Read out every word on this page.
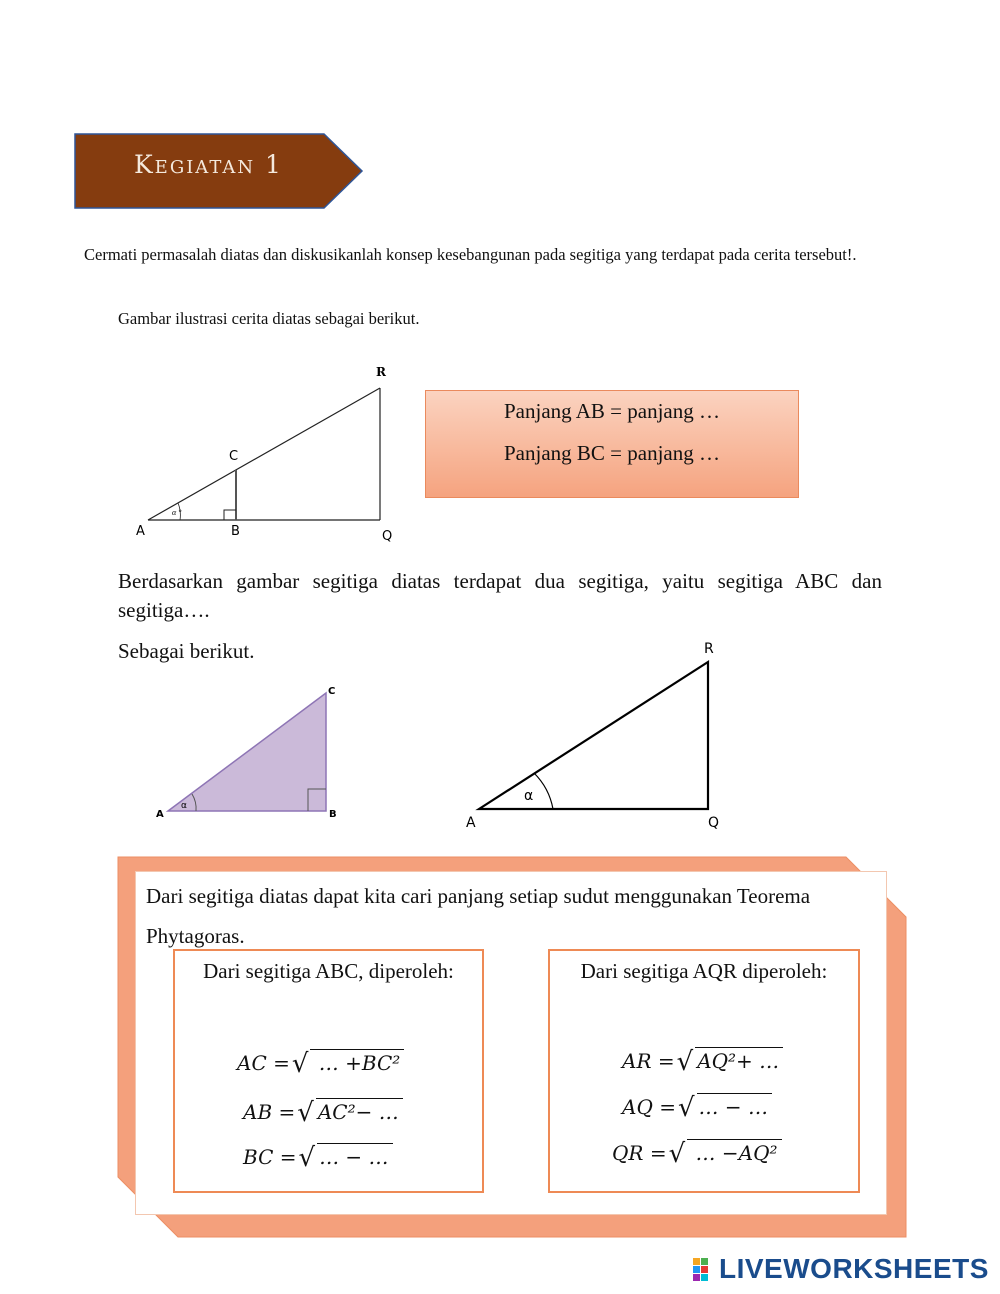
Kegiatan 1
Cermati permasalah diatas dan diskusikanlah konsep kesebangunan pada segitiga yang terdapat pada cerita tersebut!.
Gambar ilustrasi cerita diatas sebagai berikut.
R
C
A	B	Q
α °
Panjang AB = panjang …
Panjang BC = panjang …
Berdasarkan gambar segitiga diatas terdapat dua segitiga, yaitu segitiga ABC dan segitiga….
Sebagai berikut.
C
A	B
α
R
A	Q
α
Dari segitiga diatas dapat kita cari panjang setiap sudut menggunakan Teorema Phytagoras.
Dari segitiga ABC, diperoleh:
AC =√ … +BC²
AB =√ AC²− …
BC =√ … − …
Dari segitiga AQR diperoleh:
AR =√ AQ²+ …
AQ =√ … − …
QR =√ … −AQ²
LIVEWORKSHEETS
